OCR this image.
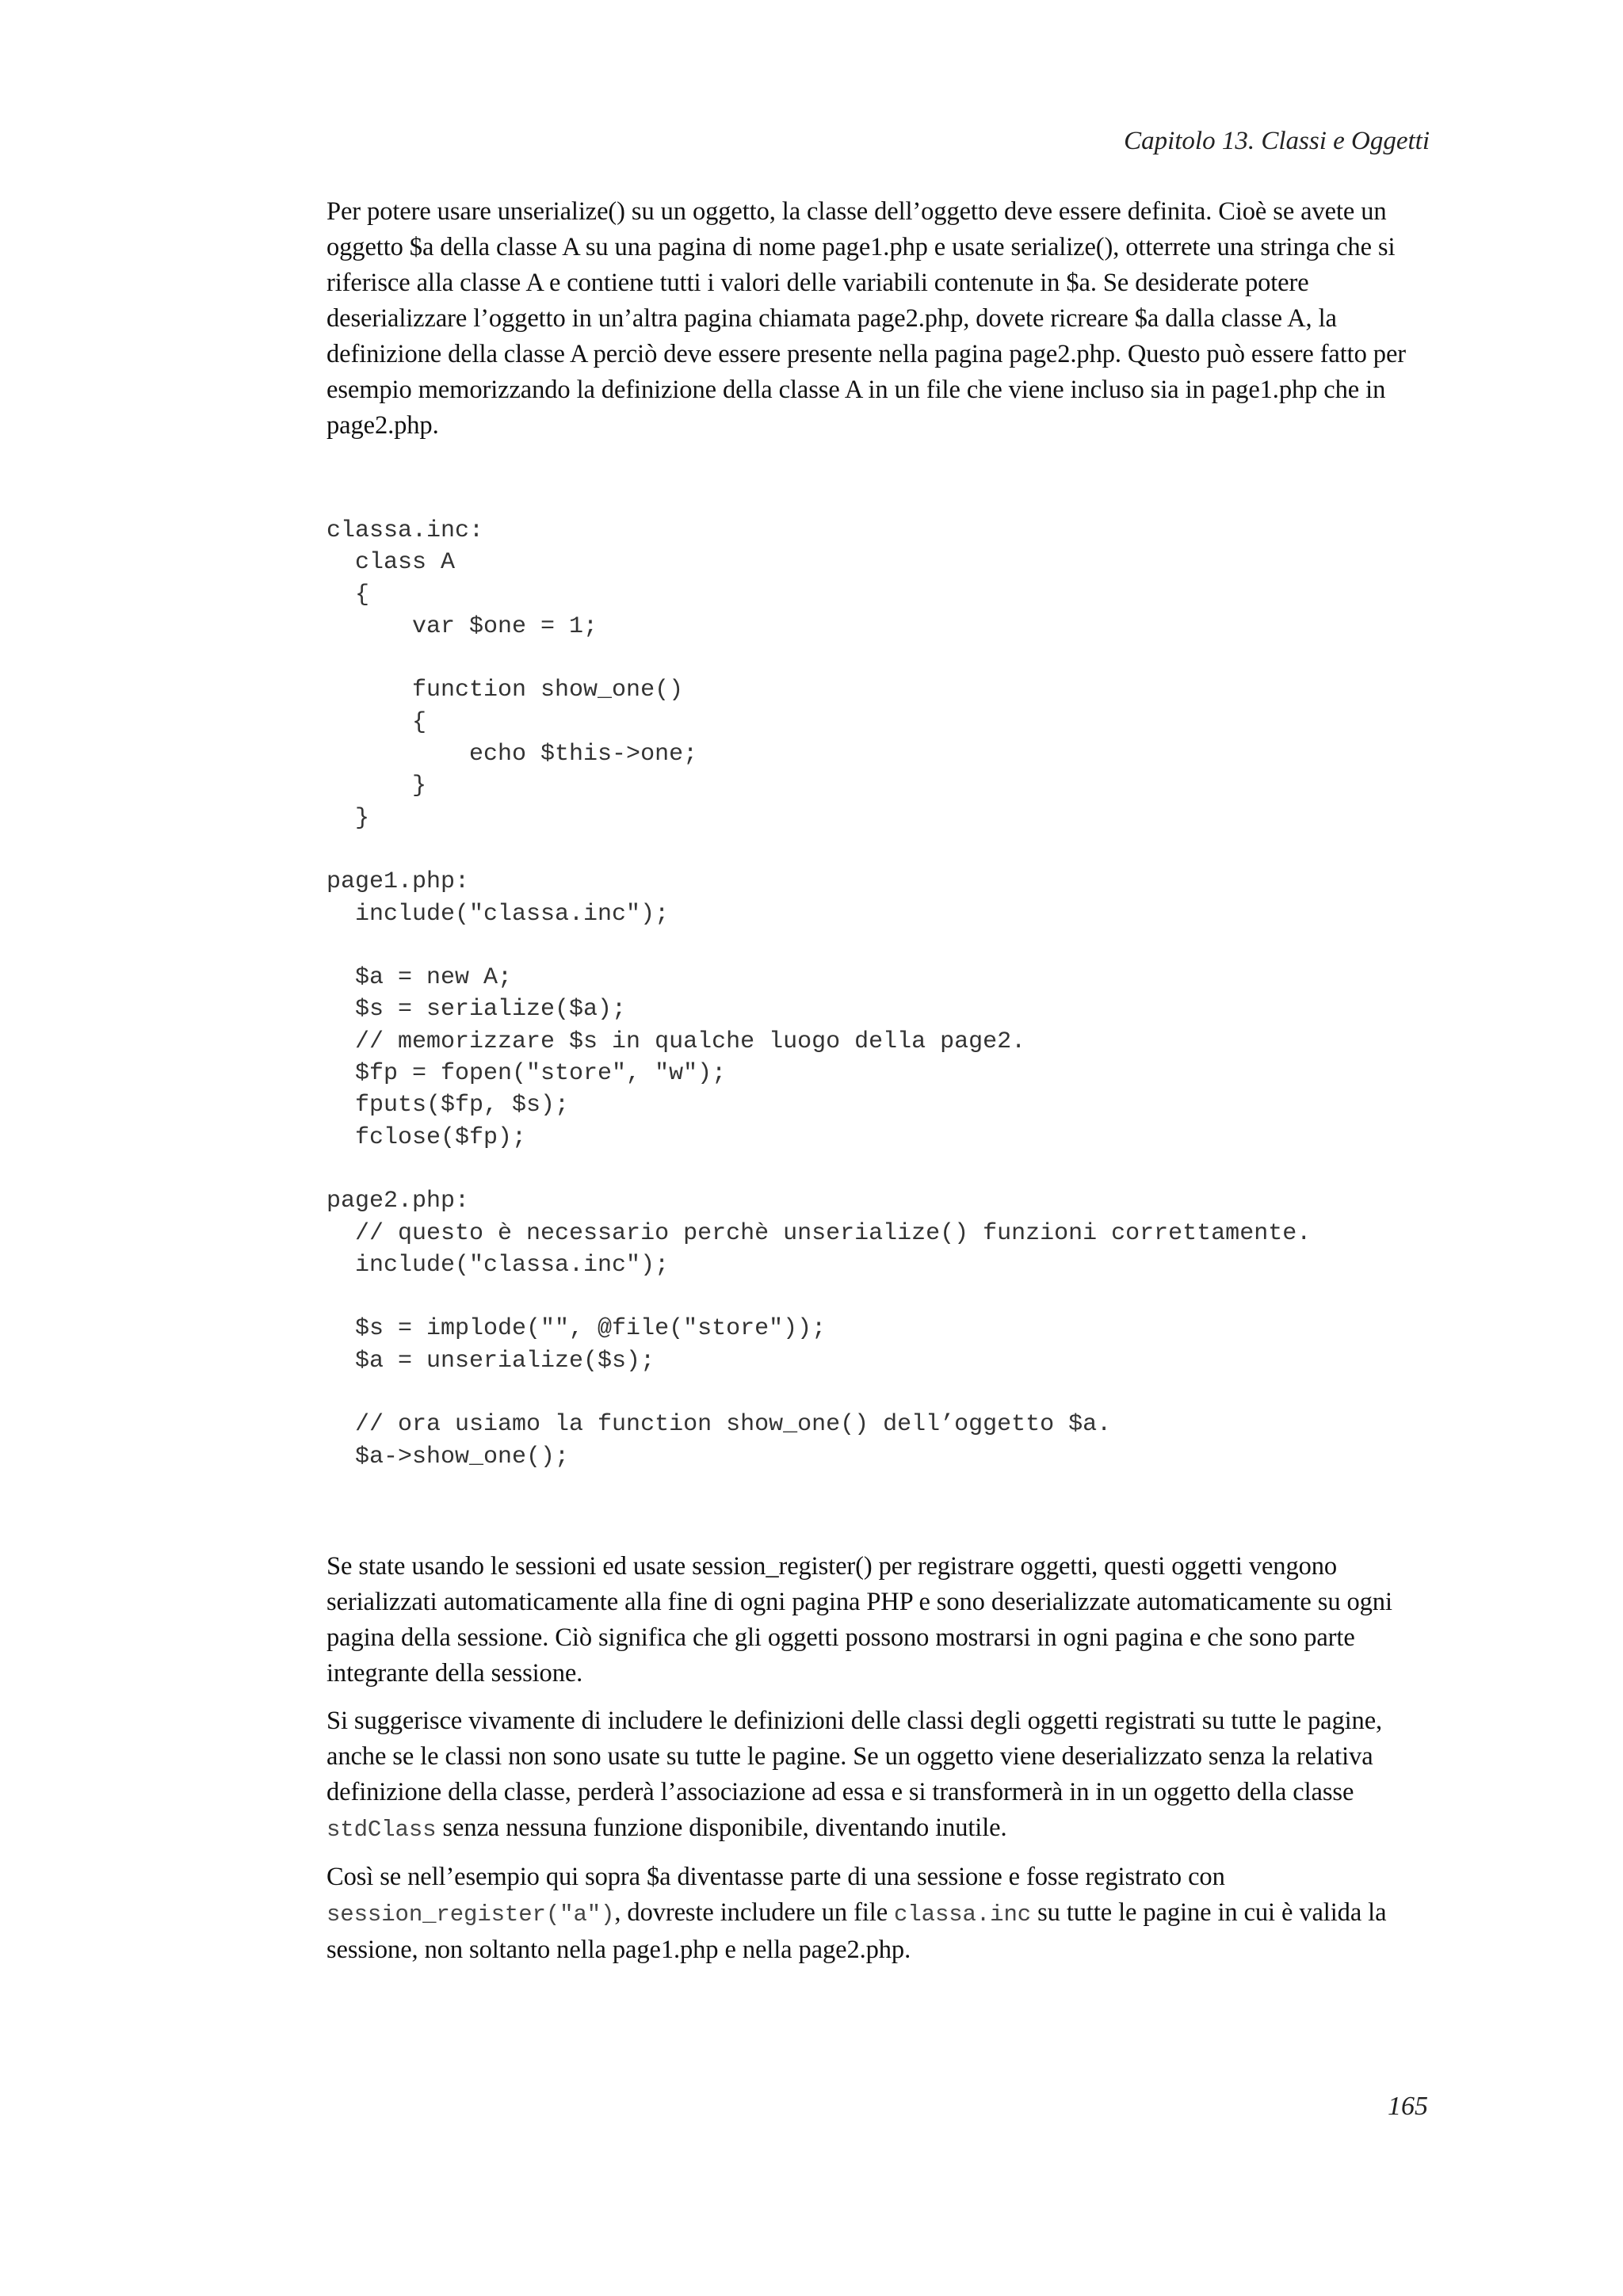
Capitolo 13. Classi e Oggetti

Per potere usare unserialize() su un oggetto, la classe dell’oggetto deve essere definita. Cioè se avete un oggetto $a della classe A su una pagina di nome page1.php e usate serialize(), otterrete una stringa che si riferisce alla classe A e contiene tutti i valori delle variabili contenute in $a. Se desiderate potere deserializzare l’oggetto in un’altra pagina chiamata page2.php, dovete ricreare $a dalla classe A, la definizione della classe A perciò deve essere presente nella pagina page2.php. Questo può essere fatto per esempio memorizzando la definizione della classe A in un file che viene incluso sia in page1.php che in page2.php.

classa.inc:
class A
{
var $one = 1;

function show_one()
{
echo $this->one;
}
}

page1.php:
include("classa.inc");

$a = new A;
$s = serialize($a);
// memorizzare $s in qualche luogo della page2.
$fp = fopen("store", "w");
fputs($fp, $s);
fclose($fp);

page2.php:
// questo è necessario perchè unserialize() funzioni correttamente.
include("classa.inc");

$s = implode("", @file("store"));
$a = unserialize($s);

// ora usiamo la function show_one() dell’oggetto $a.
$a->show_one();

Se state usando le sessioni ed usate session_register() per registrare oggetti, questi oggetti vengono serializzati automaticamente alla fine di ogni pagina PHP e sono deserializzate automaticamente su ogni pagina della sessione. Ciò significa che gli oggetti possono mostrarsi in ogni pagina e che sono parte integrante della sessione.

Si suggerisce vivamente di includere le definizioni delle classi degli oggetti registrati su tutte le pagine, anche se le classi non sono usate su tutte le pagine. Se un oggetto viene deserializzato senza la relativa definizione della classe, perderà l’associazione ad essa e si transformerà in in un oggetto della classe stdClass senza nessuna funzione disponibile, diventando inutile.

Così se nell’esempio qui sopra $a diventasse parte di una sessione e fosse registrato con session_register("a"), dovreste includere un file classa.inc su tutte le pagine in cui è valida la sessione, non soltanto nella page1.php e nella page2.php.

165
